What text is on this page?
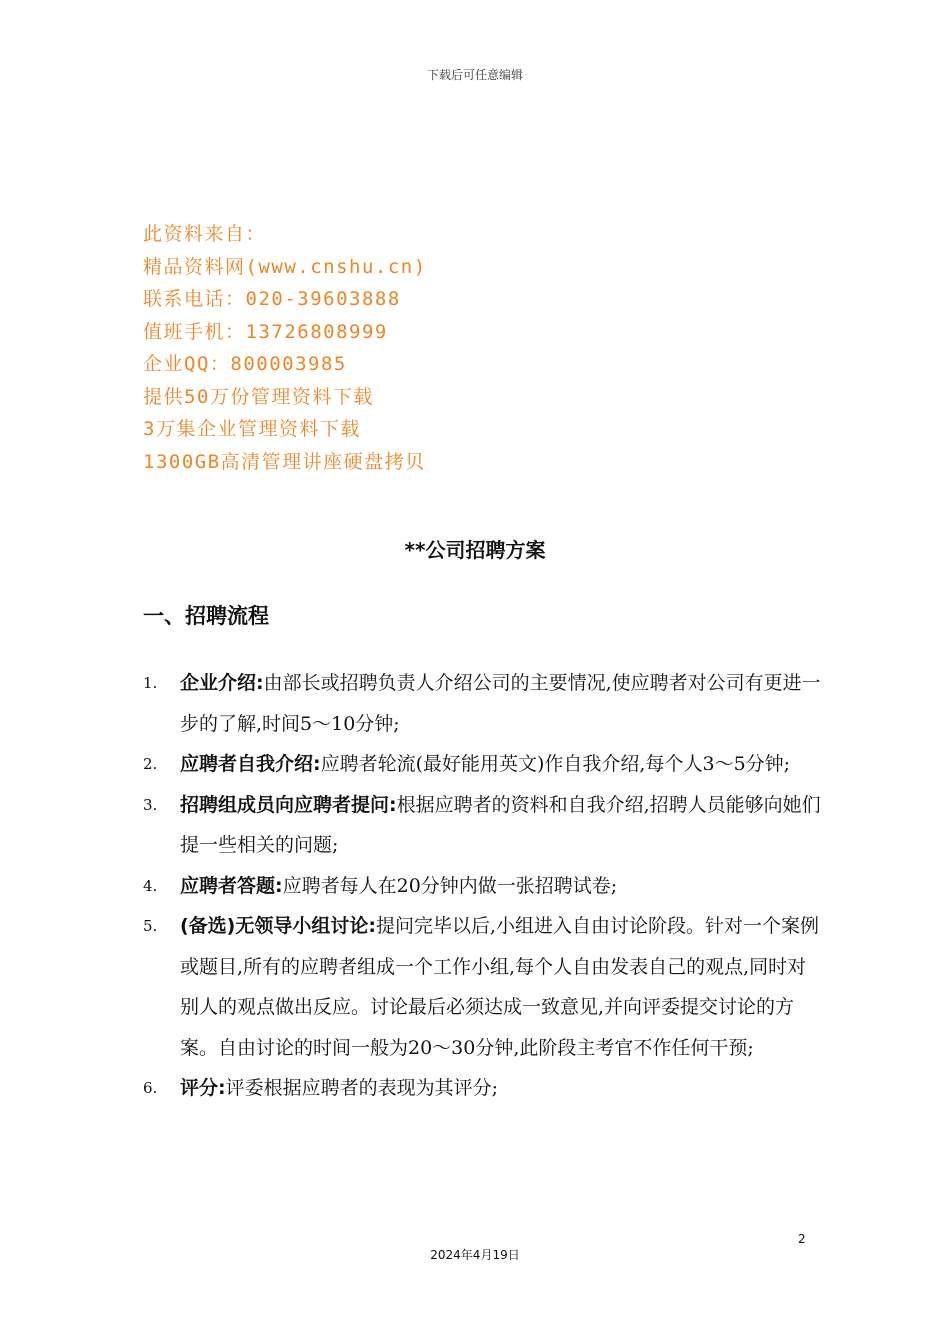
下载后可任意编辑
此资料来自：
精品资料网(www.cnshu.cn)
联系电话：020-39603888
值班手机：13726808999
企业QQ：800003985
提供50万份管理资料下载
3万集企业管理资料下载
1300GB高清管理讲座硬盘拷贝
**公司招聘方案
一、招聘流程
1. 企业介绍:由部长或招聘负责人介绍公司的主要情况,使应聘者对公司有更进一步的了解,时间5～10分钟;
2. 应聘者自我介绍:应聘者轮流(最好能用英文)作自我介绍,每个人3～5分钟;
3. 招聘组成员向应聘者提问:根据应聘者的资料和自我介绍,招聘人员能够向她们提一些相关的问题;
4. 应聘者答题:应聘者每人在20分钟内做一张招聘试卷;
5. (备选)无领导小组讨论:提问完毕以后,小组进入自由讨论阶段。针对一个案例或题目,所有的应聘者组成一个工作小组,每个人自由发表自己的观点,同时对别人的观点做出反应。讨论最后必须达成一致意见,并向评委提交讨论的方案。自由讨论的时间一般为20～30分钟,此阶段主考官不作任何干预;
6. 评分:评委根据应聘者的表现为其评分;
2
2024年4月19日
